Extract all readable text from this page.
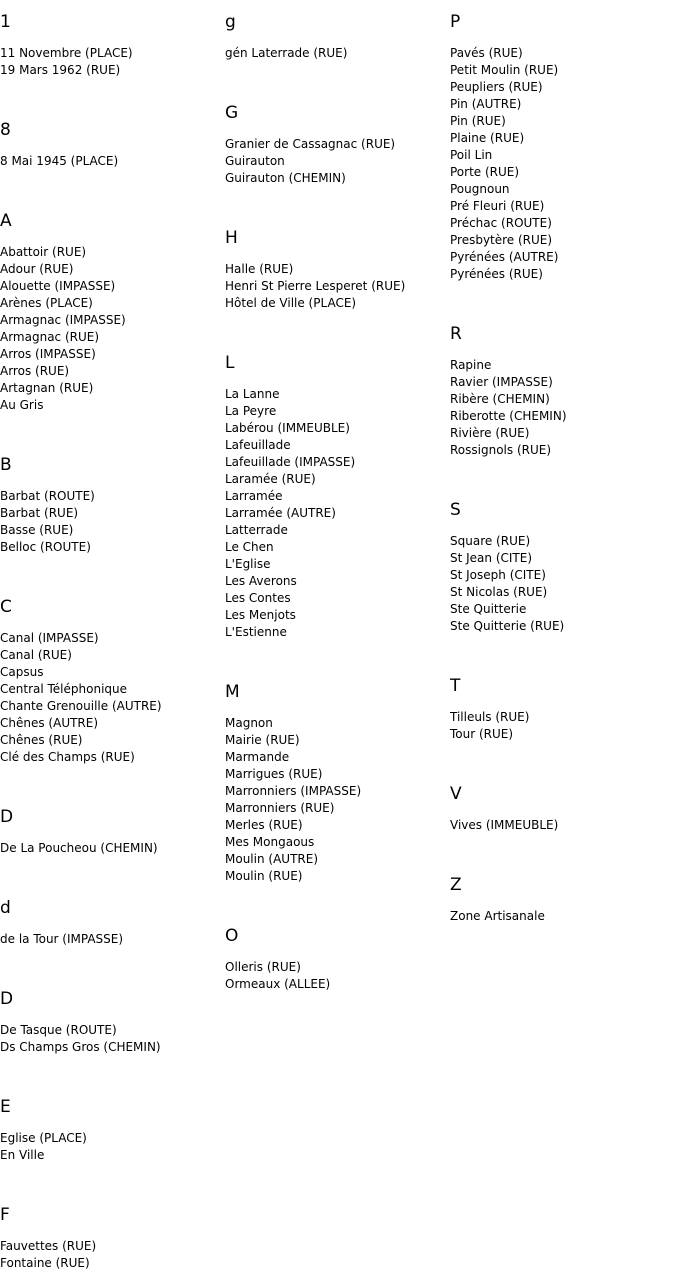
1
11 Novembre (PLACE)
19 Mars 1962 (RUE)
8
8 Mai 1945 (PLACE)
A
Abattoir (RUE)
Adour (RUE)
Alouette (IMPASSE)
Arènes (PLACE)
Armagnac (IMPASSE)
Armagnac (RUE)
Arros (IMPASSE)
Arros (RUE)
Artagnan (RUE)
Au Gris
B
Barbat (ROUTE)
Barbat (RUE)
Basse (RUE)
Belloc (ROUTE)
C
Canal (IMPASSE)
Canal (RUE)
Capsus
Central Téléphonique
Chante Grenouille (AUTRE)
Chênes (AUTRE)
Chênes (RUE)
Clé des Champs (RUE)
D
De La Poucheou (CHEMIN)
d
de la Tour (IMPASSE)
D
De Tasque (ROUTE)
Ds Champs Gros (CHEMIN)
E
Eglise (PLACE)
En Ville
F
Fauvettes (RUE)
Fontaine (RUE)
g
gén Laterrade (RUE)
G
Granier de Cassagnac (RUE)
Guirauton
Guirauton (CHEMIN)
H
Halle (RUE)
Henri St Pierre Lesperet (RUE)
Hôtel de Ville (PLACE)
L
La Lanne
La Peyre
Labérou (IMMEUBLE)
Lafeuillade
Lafeuillade (IMPASSE)
Laramée (RUE)
Larramée
Larramée (AUTRE)
Latterrade
Le Chen
L'Eglise
Les Averons
Les Contes
Les Menjots
L'Estienne
M
Magnon
Mairie (RUE)
Marmande
Marrigues (RUE)
Marronniers (IMPASSE)
Marronniers (RUE)
Merles (RUE)
Mes Mongaous
Moulin (AUTRE)
Moulin (RUE)
O
Olleris (RUE)
Ormeaux (ALLEE)
P
Pavés (RUE)
Petit Moulin (RUE)
Peupliers (RUE)
Pin (AUTRE)
Pin (RUE)
Plaine (RUE)
Poil Lin
Porte (RUE)
Pougnoun
Pré Fleuri (RUE)
Préchac (ROUTE)
Presbytère (RUE)
Pyrénées (AUTRE)
Pyrénées (RUE)
R
Rapine
Ravier (IMPASSE)
Ribère (CHEMIN)
Riberotte (CHEMIN)
Rivière (RUE)
Rossignols (RUE)
S
Square (RUE)
St Jean (CITE)
St Joseph (CITE)
St Nicolas (RUE)
Ste Quitterie
Ste Quitterie (RUE)
T
Tilleuls (RUE)
Tour (RUE)
V
Vives (IMMEUBLE)
Z
Zone Artisanale
